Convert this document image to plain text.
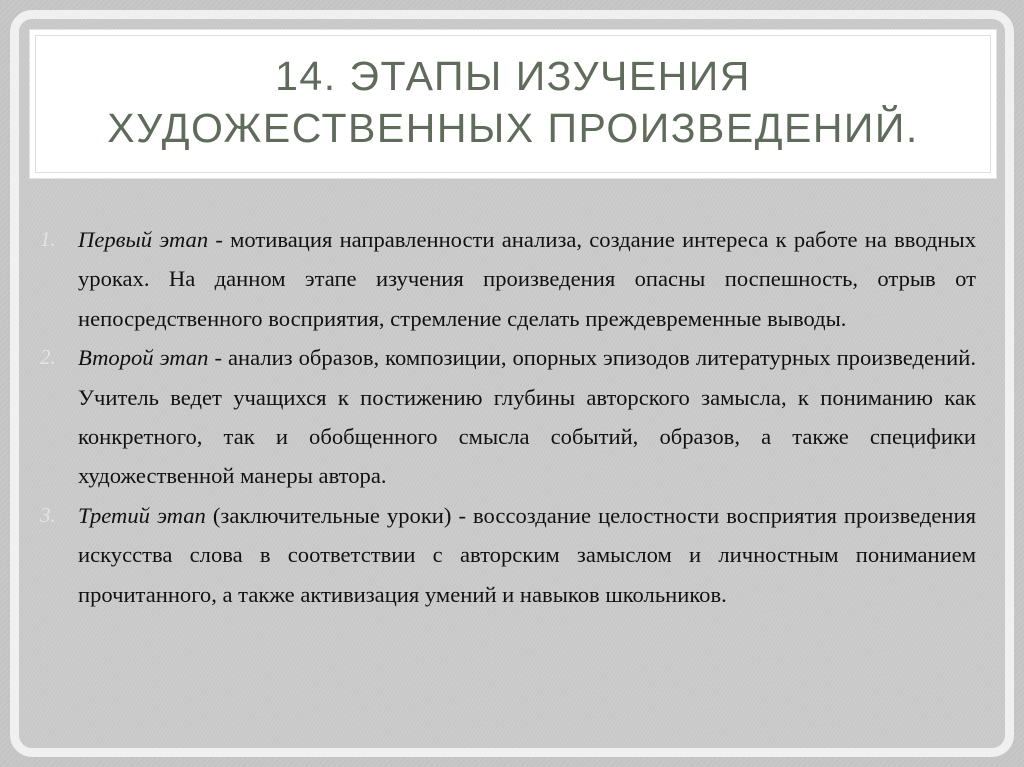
14. ЭТАПЫ ИЗУЧЕНИЯ ХУДОЖЕСТВЕННЫХ ПРОИЗВЕДЕНИЙ.
1. Первый этап - мотивация направленности анализа, создание интереса к работе на вводных уроках. На данном этапе изучения произведения опасны поспешность, отрыв от непосредственного восприятия, стремление сделать преждевременные выводы.
2. Второй этап - анализ образов, композиции, опорных эпизодов литературных произведений. Учитель ведет учащихся к постижению глубины авторского замысла, к пониманию как конкретного, так и обобщенного смысла событий, образов, а также специфики художественной манеры автора.
3. Третий этап (заключительные уроки) - воссоздание целостности восприятия произведения искусства слова в соответствии с авторским замыслом и личностным пониманием прочитанного, а также активизация умений и навыков школьников.
